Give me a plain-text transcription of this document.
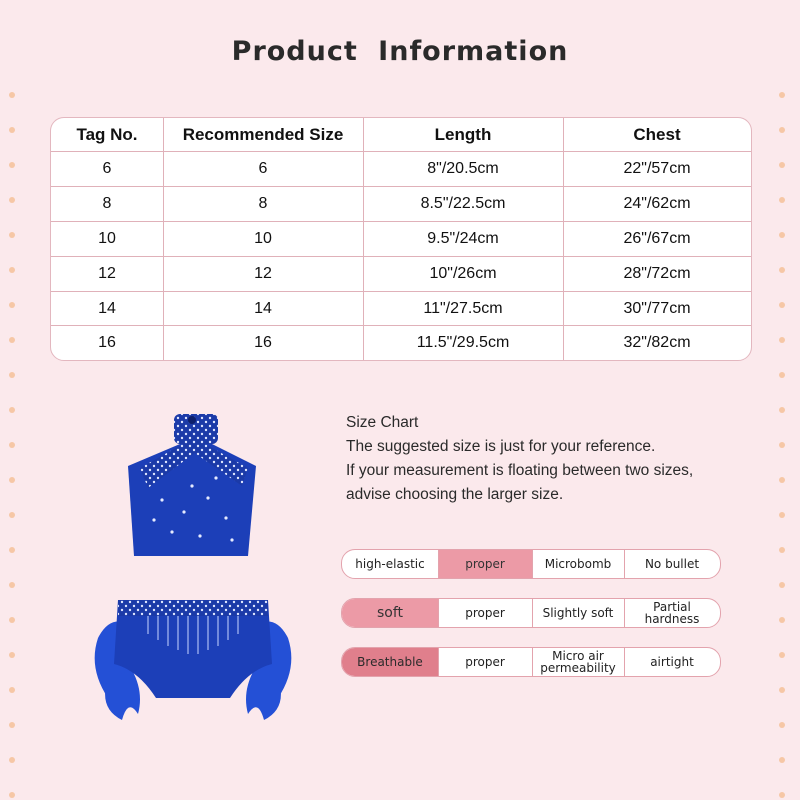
Product Information
Tag No.	Recommended Size	Length	Chest
6	6	8"/20.5cm	22"/57cm
8	8	8.5"/22.5cm	24"/62cm
10	10	9.5"/24cm	26"/67cm
12	12	10"/26cm	28"/72cm
14	14	11"/27.5cm	30"/77cm
16	16	11.5"/29.5cm	32"/82cm
Size Chart
The suggested size is just for your reference.
If your measurement is floating between two sizes,
advise choosing the larger size.
high-elastic	proper	Microbomb	No bullet
soft	proper	Slightly soft	Partial hardness
Breathable	proper	Micro air permeability	airtight
